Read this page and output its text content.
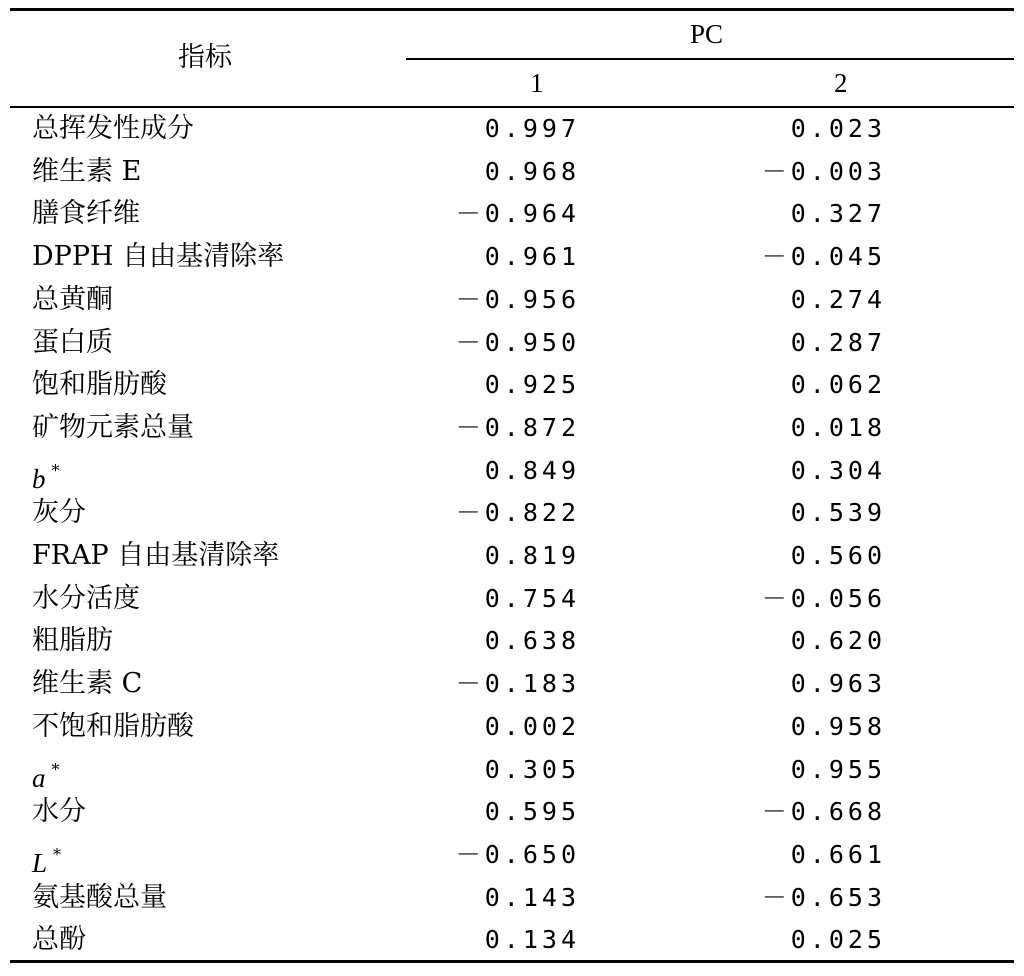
指标
PC
1	2
总挥发性成分	0.997	0.023
维生素 E	0.968	－0.003
膳食纤维	－0.964	0.327
DPPH 自由基清除率	0.961	－0.045
总黄酮	－0.956	0.274
蛋白质	－0.950	0.287
饱和脂肪酸	0.925	0.062
矿物元素总量	－0.872	0.018
b *	0.849	0.304
灰分	－0.822	0.539
FRAP 自由基清除率	0.819	0.560
水分活度	0.754	－0.056
粗脂肪	0.638	0.620
维生素 C	－0.183	0.963
不饱和脂肪酸	0.002	0.958
a *	0.305	0.955
水分	0.595	－0.668
L *	－0.650	0.661
氨基酸总量	0.143	－0.653
总酚	0.134	0.025
